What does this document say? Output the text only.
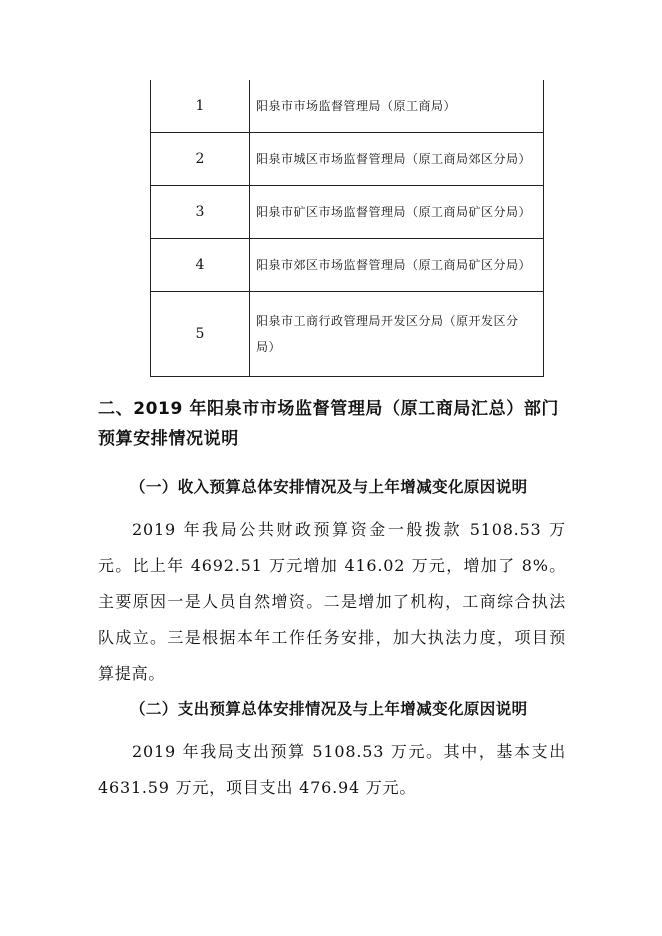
1	阳泉市市场监督管理局（原工商局）
2	阳泉市城区市场监督管理局（原工商局郊区分局）
3	阳泉市矿区市场监督管理局（原工商局矿区分局）
4	阳泉市郊区市场监督管理局（原工商局矿区分局）
5	阳泉市工商行政管理局开发区分局（原开发区分局）
二、2019 年阳泉市市场监督管理局（原工商局汇总）部门预算安排情况说明
（一）收入预算总体安排情况及与上年增减变化原因说明
2019 年我局公共财政预算资金一般拨款 5108.53 万元。比上年 4692.51 万元增加 416.02 万元，增加了 8%。主要原因一是人员自然增资。二是增加了机构，工商综合执法队成立。三是根据本年工作任务安排，加大执法力度，项目预算提高。
（二）支出预算总体安排情况及与上年增减变化原因说明
2019 年我局支出预算 5108.53 万元。其中，基本支出 4631.59 万元，项目支出 476.94 万元。
